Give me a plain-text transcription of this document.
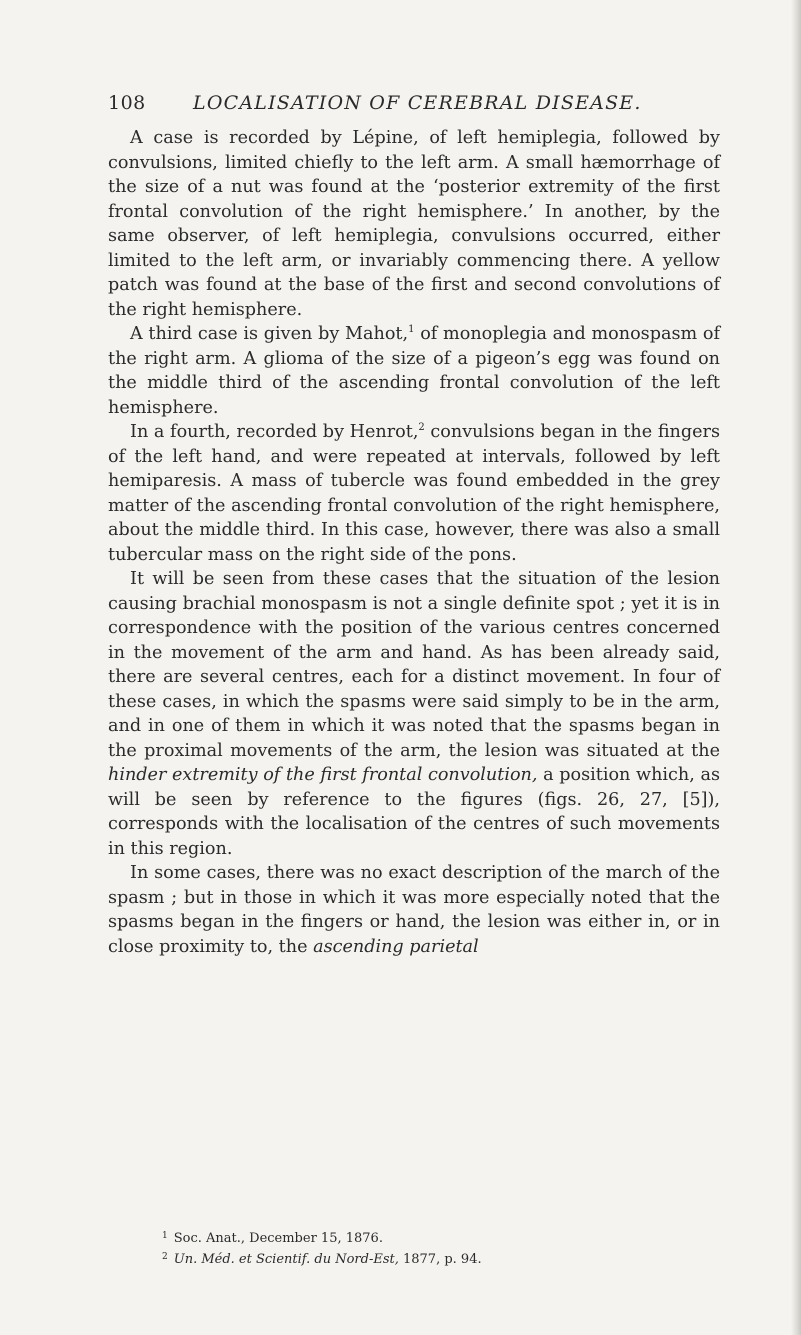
108 LOCALISATION OF CEREBRAL DISEASE.

A case is recorded by Lépine, of left hemiplegia, followed by convulsions, limited chiefly to the left arm. A small hæmorrhage of the size of a nut was found at the ‘posterior extremity of the first frontal convolution of the right hemisphere.’ In another, by the same observer, of left hemiplegia, convulsions occurred, either limited to the left arm, or invariably commencing there. A yellow patch was found at the base of the first and second convolutions of the right hemisphere.

A third case is given by Mahot,$^1$ of monoplegia and monospasm of the right arm. A glioma of the size of a pigeon’s egg was found on the middle third of the ascending frontal convolution of the left hemisphere.

In a fourth, recorded by Henrot,$^2$ convulsions began in the fingers of the left hand, and were repeated at intervals, followed by left hemiparesis. A mass of tubercle was found embedded in the grey matter of the ascending frontal convolution of the right hemisphere, about the middle third. In this case, however, there was also a small tubercular mass on the right side of the pons.

It will be seen from these cases that the situation of the lesion causing brachial monospasm is not a single definite spot ; yet it is in correspondence with the position of the various centres concerned in the movement of the arm and hand. As has been already said, there are several centres, each for a distinct movement. In four of these cases, in which the spasms were said simply to be in the arm, and in one of them in which it was noted that the spasms began in the proximal movements of the arm, the lesion was situated at the hinder extremity of the first frontal convolution, a position which, as will be seen by reference to the figures (figs. 26, 27, [5]), corresponds with the localisation of the centres of such movements in this region.

In some cases, there was no exact description of the march of the spasm ; but in those in which it was more especially noted that the spasms began in the fingers or hand, the lesion was either in, or in close proximity to, the ascending parietal

$^1$ Soc. Anat., December 15, 1876.

$^2$ Un. Méd. et Scientif. du Nord-Est, 1877, p. 94.
